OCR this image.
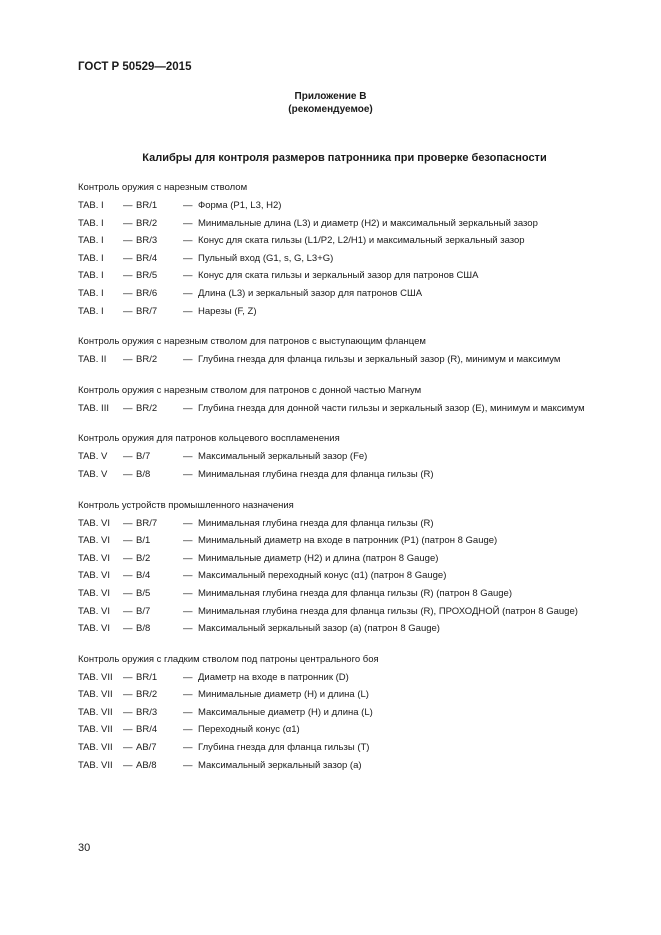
ГОСТ Р 50529—2015
Приложение В
(рекомендуемое)
Калибры для контроля размеров патронника при проверке безопасности
Контроль оружия с нарезным стволом
TAB. I — BR/1	— Форма (P1, L3, H2)
TAB. I — BR/2	— Минимальные длина (L3) и диаметр (H2) и максимальный зеркальный зазор
TAB. I — BR/3	— Конус для ската гильзы (L1/P2, L2/H1) и максимальный зеркальный зазор
TAB. I — BR/4	— Пульный вход (G1, s, G, L3+G)
TAB. I — BR/5	— Конус для ската гильзы и зеркальный зазор для патронов США
TAB. I — BR/6	— Длина (L3) и зеркальный зазор для патронов США
TAB. I — BR/7	— Нарезы (F, Z)
Контроль оружия с нарезным стволом для патронов с выступающим фланцем
TAB. II — BR/2	— Глубина гнезда для фланца гильзы и зеркальный зазор (R), минимум и максимум
Контроль оружия с нарезным стволом для патронов с донной частью Магнум
TAB. III — BR/2	— Глубина гнезда для донной части гильзы и зеркальный зазор (E), минимум и максимум
Контроль оружия для патронов кольцевого воспламенения
TAB. V — B/7	— Максимальный зеркальный зазор (Fe)
TAB. V — B/8	— Минимальная глубина гнезда для фланца гильзы (R)
Контроль устройств промышленного назначения
TAB. VI — BR/7	— Минимальная глубина гнезда для фланца гильзы (R)
TAB. VI — B/1	— Минимальный диаметр на входе в патронник (P1) (патрон 8 Gauge)
TAB. VI — B/2	— Минимальные диаметр (H2) и длина (патрон 8 Gauge)
TAB. VI — B/4	— Максимальный переходный конус (α1) (патрон 8 Gauge)
TAB. VI — B/5	— Минимальная глубина гнезда для фланца гильзы (R) (патрон 8 Gauge)
TAB. VI — B/7	— Минимальная глубина гнезда для фланца гильзы (R), ПРОХОДНОЙ (патрон 8 Gauge)
TAB. VI — B/8	— Максимальный зеркальный зазор (a) (патрон 8 Gauge)
Контроль оружия с гладким стволом под патроны центрального боя
TAB. VII — BR/1	— Диаметр на входе в патронник (D)
TAB. VII — BR/2	— Минимальные диаметр (H) и длина (L)
TAB. VII — BR/3	— Максимальные диаметр (H) и длина (L)
TAB. VII — BR/4	— Переходный конус (α1)
TAB. VII — AB/7	— Глубина гнезда для фланца гильзы (T)
TAB. VII — AB/8	— Максимальный зеркальный зазор (a)
30
